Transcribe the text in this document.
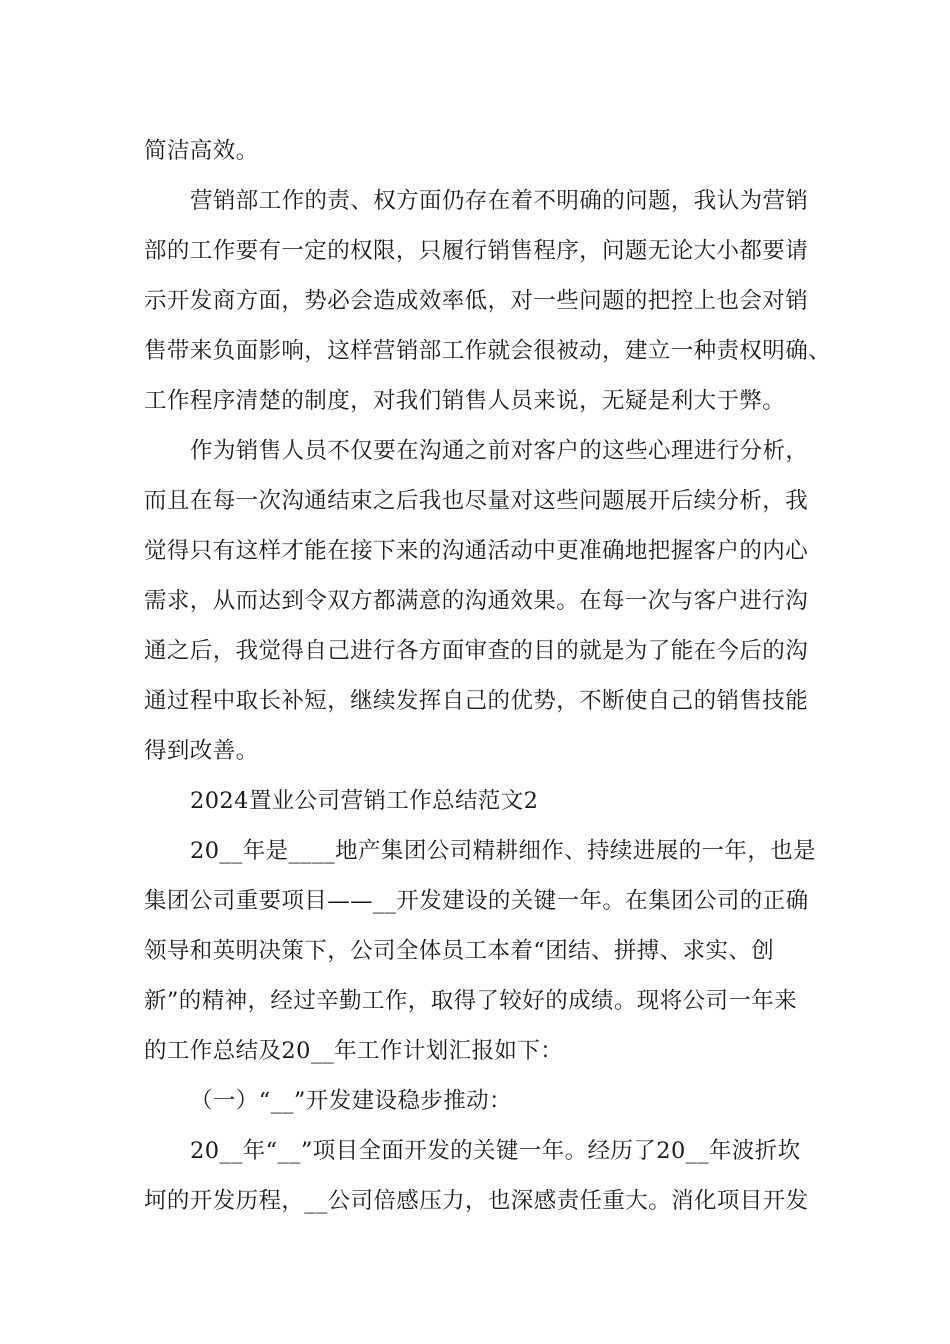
简洁高效。
营销部工作的责、权方面仍存在着不明确的问题，我认为营销
部的工作要有一定的权限，只履行销售程序，问题无论大小都要请
示开发商方面，势必会造成效率低，对一些问题的把控上也会对销
售带来负面影响，这样营销部工作就会很被动，建立一种责权明确、
工作程序清楚的制度，对我们销售人员来说，无疑是利大于弊。
作为销售人员不仅要在沟通之前对客户的这些心理进行分析，
而且在每一次沟通结束之后我也尽量对这些问题展开后续分析，我
觉得只有这样才能在接下来的沟通活动中更准确地把握客户的内心
需求，从而达到令双方都满意的沟通效果。在每一次与客户进行沟
通之后，我觉得自己进行各方面审查的目的就是为了能在今后的沟
通过程中取长补短，继续发挥自己的优势，不断使自己的销售技能
得到改善。
2024置业公司营销工作总结范文2
20__年是____地产集团公司精耕细作、持续进展的一年，也是
集团公司重要项目——__开发建设的关键一年。在集团公司的正确
领导和英明决策下，公司全体员工本着“团结、拼搏、求实、创
新”的精神，经过辛勤工作，取得了较好的成绩。现将公司一年来
的工作总结及20__年工作计划汇报如下：
（一）“__”开发建设稳步推动：
20__年“__”项目全面开发的关键一年。经历了20__年波折坎
坷的开发历程，__公司倍感压力，也深感责任重大。消化项目开发
